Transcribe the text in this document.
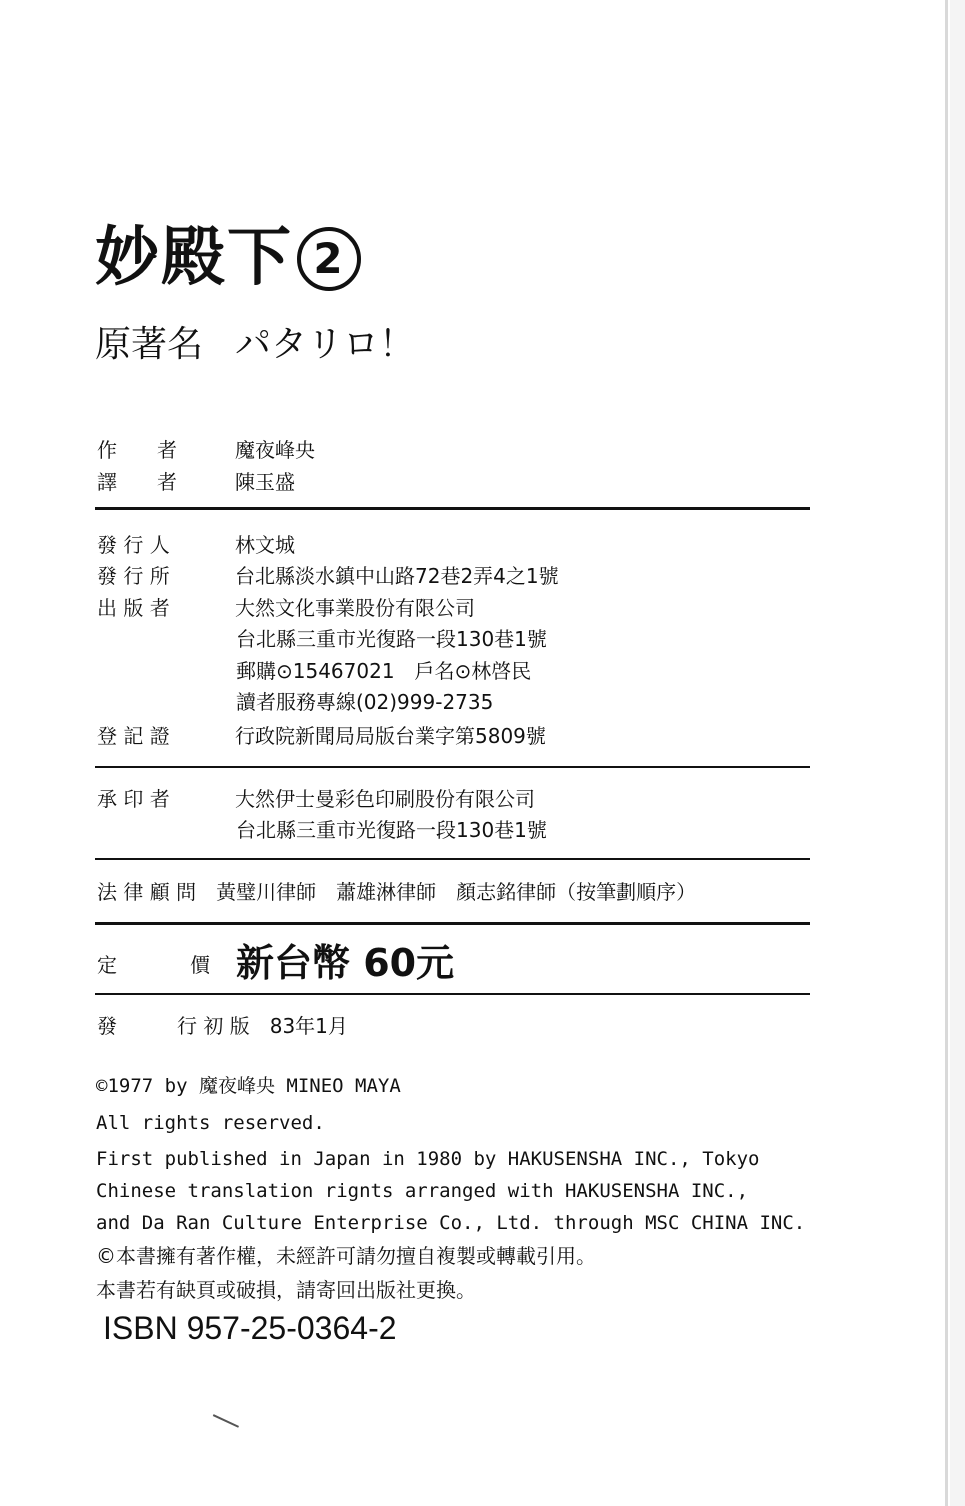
妙殿下 2
原著名 パタリロ！
作　　者	魔夜峰央
譯　　者	陳玉盛
發 行 人	林文城
發 行 所	台北縣淡水鎮中山路72巷2弄4之1號
出 版 者	大然文化事業股份有限公司
台北縣三重市光復路一段130巷1號
郵購⊙15467021　戶名⊙林啓民
讀者服務專線(02)999-2735
登 記 證	行政院新聞局局版台業字第5809號
承 印 者	大然伊士曼彩色印刷股份有限公司
台北縣三重市光復路一段130巷1號
法 律 顧 問　黃璧川律師　蕭雄淋律師　顏志銘律師（按筆劃順序）
定	價 新台幣 60元
發　　　行 初 版　83年1月
©1977 by 魔夜峰央 MINEO MAYA
All rights reserved.
First published in Japan in 1980 by HAKUSENSHA INC., Tokyo
Chinese translation rignts arranged with HAKUSENSHA INC.,
and Da Ran Culture Enterprise Co., Ltd. through MSC CHINA INC.
©本書擁有著作權，未經許可請勿擅自複製或轉載引用。
本書若有缺頁或破損，請寄回出版社更換。
ISBN 957-25-0364-2
